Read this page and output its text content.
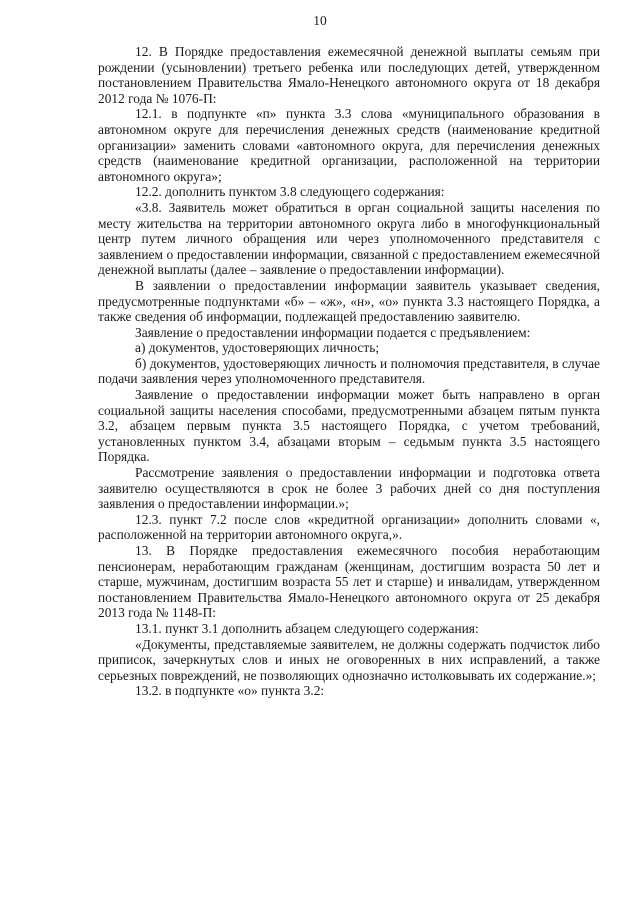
10

12. В Порядке предоставления ежемесячной денежной выплаты семьям при рождении (усыновлении) третьего ребенка или последующих детей, утвержденном постановлением Правительства Ямало-Ненецкого автономного округа от 18 декабря 2012 года № 1076-П:

12.1. в подпункте «п» пункта 3.3 слова «муниципального образования в автономном округе для перечисления денежных средств (наименование кредитной организации» заменить словами «автономного округа, для перечисления денежных средств (наименование кредитной организации, расположенной на территории автономного округа»;

12.2. дополнить пунктом 3.8 следующего содержания:

«3.8. Заявитель может обратиться в орган социальной защиты населения по месту жительства на территории автономного округа либо в многофункциональный центр путем личного обращения или через уполномоченного представителя с заявлением о предоставлении информации, связанной с предоставлением ежемесячной денежной выплаты (далее – заявление о предоставлении информации).

В заявлении о предоставлении информации заявитель указывает сведения, предусмотренные подпунктами «б» – «ж», «н», «о» пункта 3.3 настоящего Порядка, а также сведения об информации, подлежащей предоставлению заявителю.

Заявление о предоставлении информации подается с предъявлением:

а) документов, удостоверяющих личность;

б) документов, удостоверяющих личность и полномочия представителя, в случае подачи заявления через уполномоченного представителя.

Заявление о предоставлении информации может быть направлено в орган социальной защиты населения способами, предусмотренными абзацем пятым пункта 3.2, абзацем первым пункта 3.5 настоящего Порядка, с учетом требований, установленных пунктом 3.4, абзацами вторым – седьмым пункта 3.5 настоящего Порядка.

Рассмотрение заявления о предоставлении информации и подготовка ответа заявителю осуществляются в срок не более 3 рабочих дней со дня поступления заявления о предоставлении информации.»;

12.3. пункт 7.2 после слов «кредитной организации» дополнить словами «, расположенной на территории автономного округа,».

13. В Порядке предоставления ежемесячного пособия неработающим пенсионерам, неработающим гражданам (женщинам, достигшим возраста 50 лет и старше, мужчинам, достигшим возраста 55 лет и старше) и инвалидам, утвержденном постановлением Правительства Ямало-Ненецкого автономного округа от 25 декабря 2013 года № 1148-П:

13.1. пункт 3.1 дополнить абзацем следующего содержания:

«Документы, представляемые заявителем, не должны содержать подчисток либо приписок, зачеркнутых слов и иных не оговоренных в них исправлений, а также серьезных повреждений, не позволяющих однозначно истолковывать их содержание.»;

13.2. в подпункте «о» пункта 3.2:
